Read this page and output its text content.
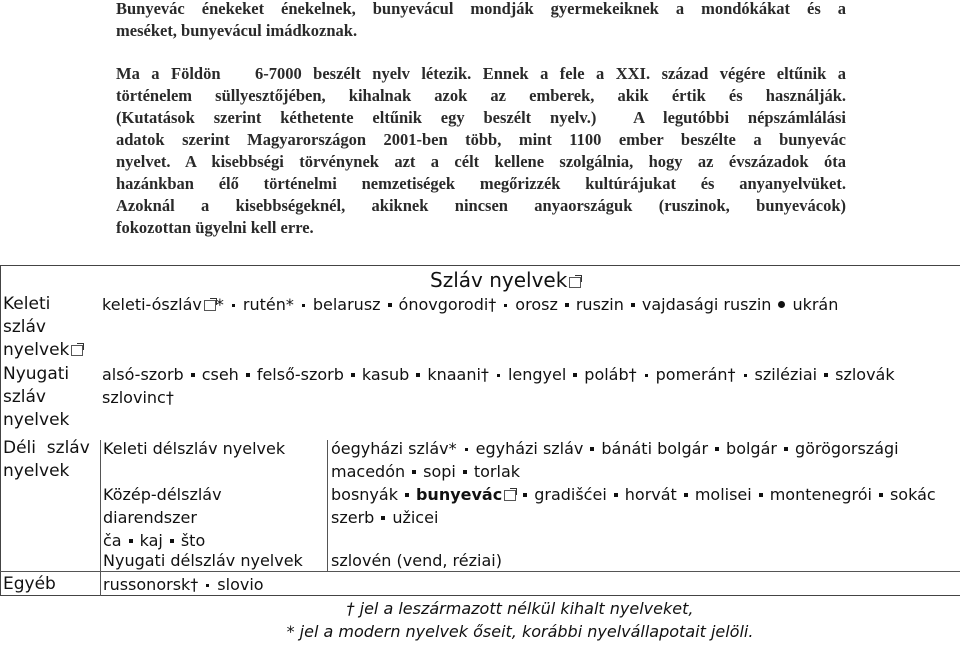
Bunyevác énekeket énekelnek, bunyevácul mondják gyermekeiknek a mondókákat és a
meséket, bunyevácul imádkoznak.
Ma a Földön   6-7000 beszélt nyelv létezik. Ennek a fele a XXI. század végére eltűnik a
történelem süllyesztőjében, kihalnak azok az emberek, akik értik és használják.
(Kutatások szerint kéthetente eltűnik egy beszélt nyelv.)  A legutóbbi népszámlálási
adatok szerint Magyarországon 2001-ben több, mint 1100 ember beszélte a bunyevác
nyelvet. A kisebbségi törvénynek azt a célt kellene szolgálnia, hogy az évszázadok óta
hazánkban élő történelmi nemzetiségek megőrizzék kultúrájukat és anyanyelvüket.
Azoknál a kisebbségeknél, akiknek nincsen anyaországuk (ruszinok, bunyevácok)
fokozottan ügyelni kell erre.
Szláv nyelvek
Keleti
szláv
nyelvek
keleti-ószláv * rutén* belarusz ónovgorodi† orosz ruszin vajdasági ruszin ukrán
Nyugati
szláv
nyelvek
alsó-szorb cseh felső-szorb kasub knaani† lengyel poláb† pomerán† sziléziai szlovák
szlovinc†
Déli  szláv
nyelvek
Keleti délszláv nyelvek	óegyházi szláv* egyházi szláv bánáti bolgár bolgár görögországi
macedón sopi torlak
Közép-délszláv
diarendszer
ča kaj što
bosnyák bunyevác gradišćei horvát molisei montenegrói sokác
szerb užicei
Nyugati délszláv nyelvek szlovén (vend, réziai)
Egyéb	russonorsk† slovio
† jel a leszármazott nélkül kihalt nyelveket,
* jel a modern nyelvek őseit, korábbi nyelvállapotait jelöli.
